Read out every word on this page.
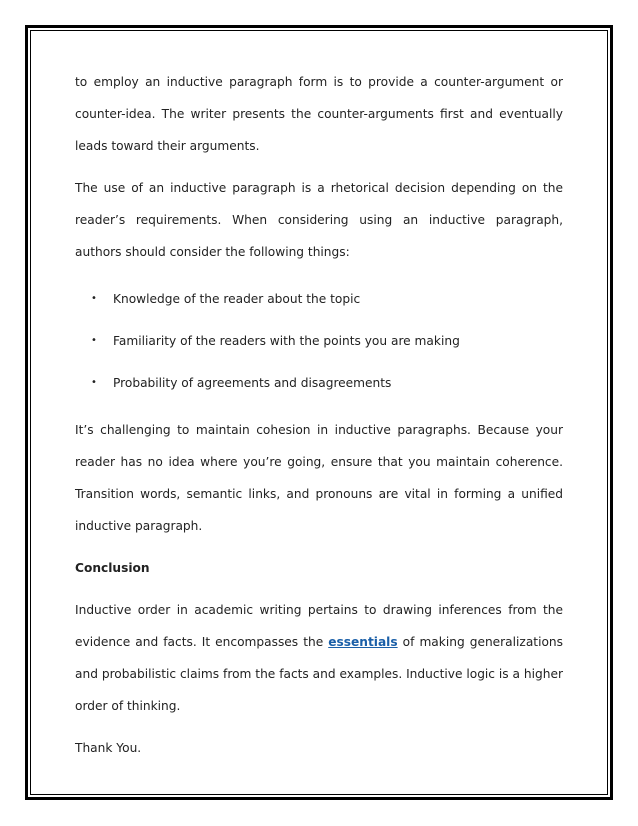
to employ an inductive paragraph form is to provide a counter-argument or counter-idea. The writer presents the counter-arguments first and eventually leads toward their arguments.

The use of an inductive paragraph is a rhetorical decision depending on the reader’s requirements. When considering using an inductive paragraph, authors should consider the following things:

• Knowledge of the reader about the topic
• Familiarity of the readers with the points you are making
• Probability of agreements and disagreements

It’s challenging to maintain cohesion in inductive paragraphs. Because your reader has no idea where you’re going, ensure that you maintain coherence. Transition words, semantic links, and pronouns are vital in forming a unified inductive paragraph.

Conclusion

Inductive order in academic writing pertains to drawing inferences from the evidence and facts. It encompasses the essentials of making generalizations and probabilistic claims from the facts and examples. Inductive logic is a higher order of thinking.

Thank You.
